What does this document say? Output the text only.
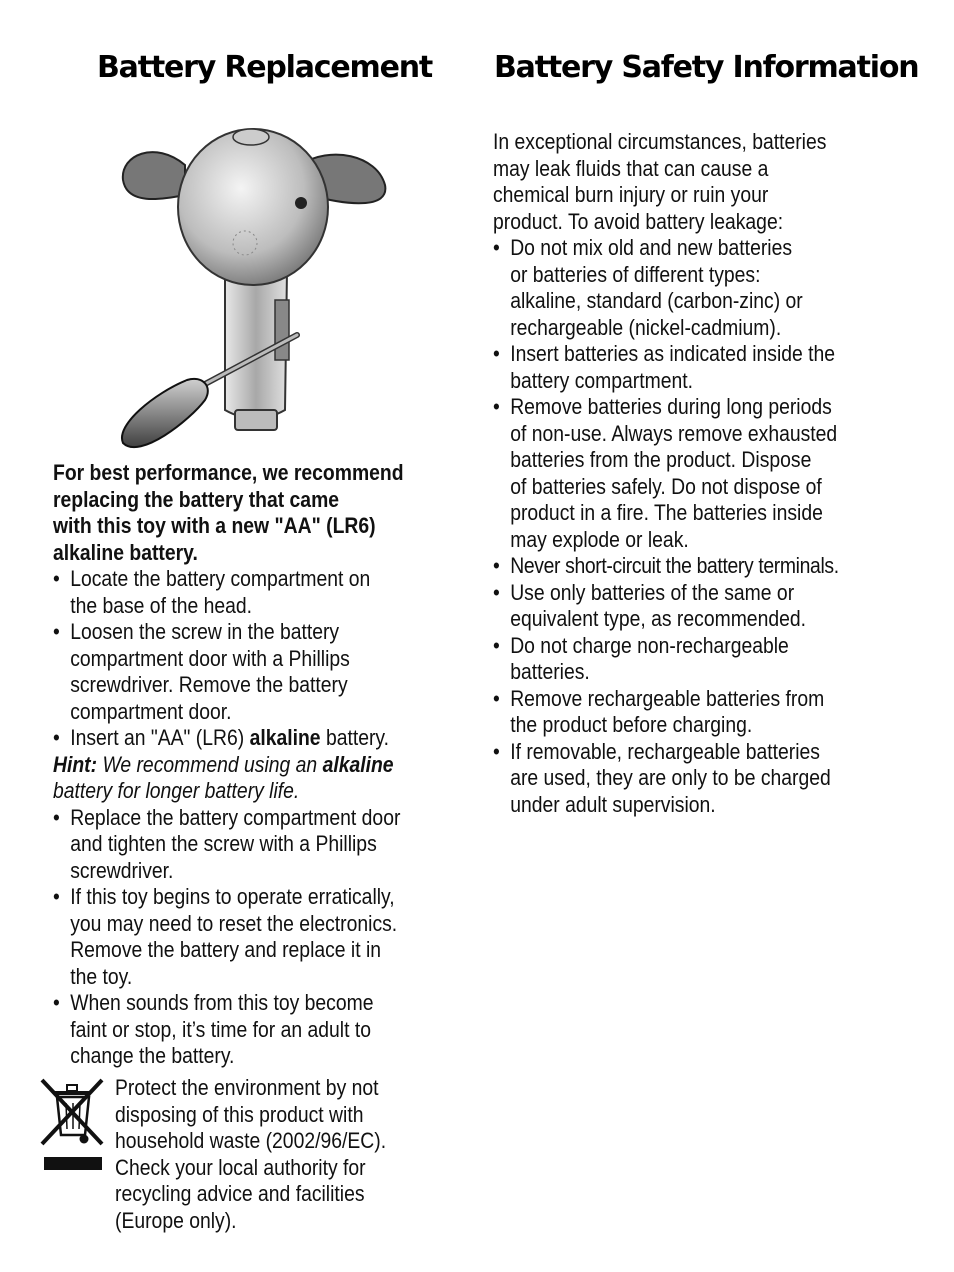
Battery Replacement
For best performance, we recommend
replacing the battery that came
with this toy with a new "AA" (LR6)
alkaline battery.

• Locate the battery compartment on
the base of the head.
• Loosen the screw in the battery
compartment door with a Phillips
screwdriver. Remove the battery
compartment door.
• Insert an "AA" (LR6) alkaline battery.
Hint: We recommend using an alkaline
battery for longer battery life.
• Replace the battery compartment door
and tighten the screw with a Phillips
screwdriver.
• If this toy begins to operate erratically,
you may need to reset the electronics.
Remove the battery and replace it in
the toy.
• When sounds from this toy become
faint or stop, it’s time for an adult to
change the battery.
Protect the environment by not
disposing of this product with
household waste (2002/96/EC).
Check your local authority for
recycling advice and facilities
(Europe only).
Battery Safety Information
In exceptional circumstances, batteries
may leak fluids that can cause a
chemical burn injury or ruin your
product. To avoid battery leakage:
• Do not mix old and new batteries
or batteries of different types:
alkaline, standard (carbon-zinc) or
rechargeable (nickel-cadmium).
• Insert batteries as indicated inside the
battery compartment.
• Remove batteries during long periods
of non-use. Always remove exhausted
batteries from the product. Dispose
of batteries safely. Do not dispose of
product in a fire. The batteries inside
may explode or leak.
• Never short-circuit the battery terminals.
• Use only batteries of the same or
equivalent type, as recommended.
• Do not charge non-rechargeable
batteries.
• Remove rechargeable batteries from
the product before charging.
• If removable, rechargeable batteries
are used, they are only to be charged
under adult supervision.
